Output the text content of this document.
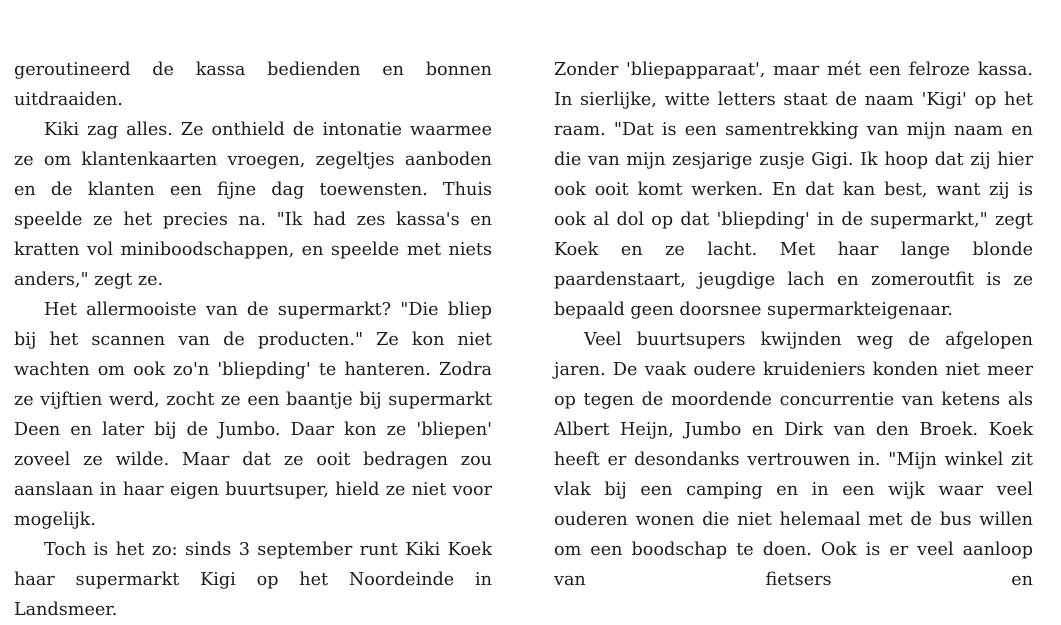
geroutineerd de kassa bedienden en bonnen uitdraaiden.

Kiki zag alles. Ze onthield de intonatie waarmee ze om klantenkaarten vroegen, zegeltjes aanboden en de klanten een fijne dag toewensten. Thuis speelde ze het precies na. "Ik had zes kassa's en kratten vol miniboodschappen, en speelde met niets anders," zegt ze.

Het allermooiste van de supermarkt? "Die bliep bij het scannen van de producten." Ze kon niet wachten om ook zo'n 'bliepding' te hanteren. Zodra ze vijftien werd, zocht ze een baantje bij supermarkt Deen en later bij de Jumbo. Daar kon ze 'bliepen' zoveel ze wilde. Maar dat ze ooit bedragen zou aanslaan in haar eigen buurtsuper, hield ze niet voor mogelijk.

Toch is het zo: sinds 3 september runt Kiki Koek haar supermarkt Kigi op het Noordeinde in Landsmeer.

Zonder 'bliepapparaat', maar mét een felroze kassa. In sierlijke, witte letters staat de naam 'Kigi' op het raam. "Dat is een samentrekking van mijn naam en die van mijn zesjarige zusje Gigi. Ik hoop dat zij hier ook ooit komt werken. En dat kan best, want zij is ook al dol op dat 'bliepding' in de supermarkt," zegt Koek en ze lacht. Met haar lange blonde paardenstaart, jeugdige lach en zomeroutfit is ze bepaald geen doorsnee supermarkteigenaar.

Veel buurtsupers kwijnden weg de afgelopen jaren. De vaak oudere kruideniers konden niet meer op tegen de moordende concurrentie van ketens als Albert Heijn, Jumbo en Dirk van den Broek. Koek heeft er desondanks vertrouwen in. "Mijn winkel zit vlak bij een camping en in een wijk waar veel ouderen wonen die niet helemaal met de bus willen om een boodschap te doen. Ook is er veel aanloop van fietsers en
